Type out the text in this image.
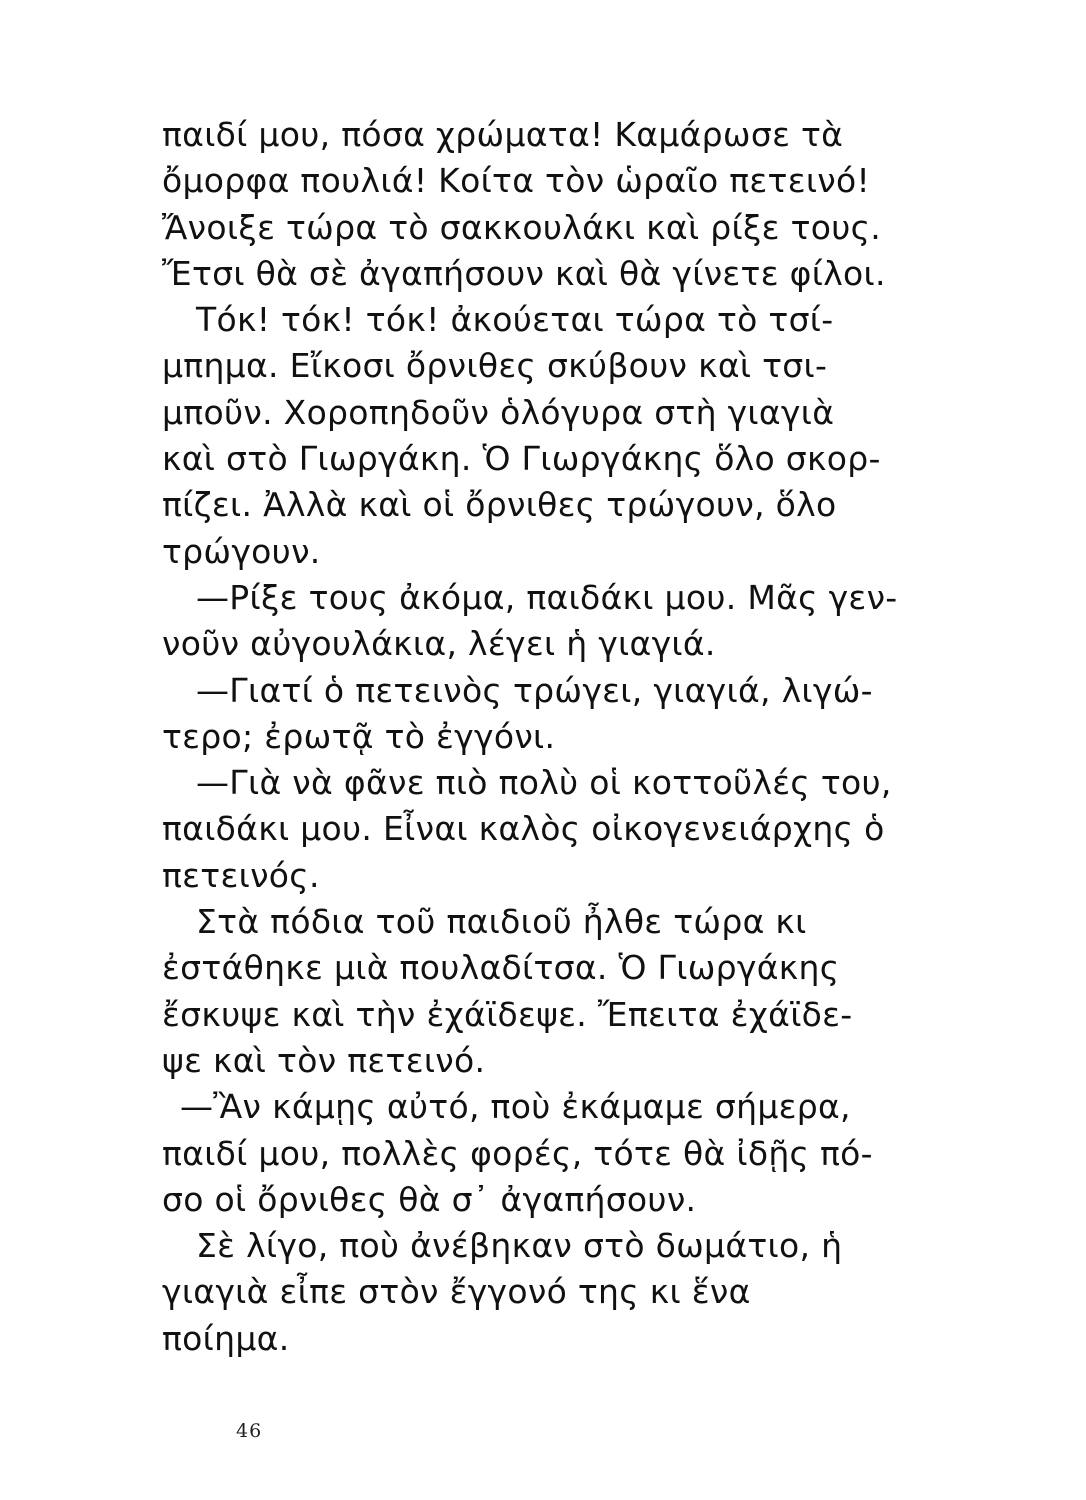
παιδί μου, πόσα χρώματα! Καμάρωσε τὰ
ὄμορφα πουλιά! Κοίτα τὸν ὡραῖο πετεινό!
Ἄνοιξε τώρα τὸ σακκουλάκι καὶ ρίξε τους.
Ἔτσι θὰ σὲ ἀγαπήσουν καὶ θὰ γίνετε φίλοι.
Τόκ! τόκ! τόκ! ἀκούεται τώρα τὸ τσί-
μπημα. Εἴκοσι ὄρνιθες σκύβουν καὶ τσι-
μποῦν. Χοροπηδοῦν ὁλόγυρα στὴ γιαγιὰ
καὶ στὸ Γιωργάκη. Ὁ Γιωργάκης ὅλο σκορ-
πίζει. Ἀλλὰ καὶ οἱ ὄρνιθες τρώγουν, ὅλο
τρώγουν.
—Ρίξε τους ἀκόμα, παιδάκι μου. Μᾶς γεν-
νοῦν αὐγουλάκια, λέγει ἡ γιαγιά.
—Γιατί ὁ πετεινὸς τρώγει, γιαγιά, λιγώ-
τερο; ἐρωτᾷ τὸ ἐγγόνι.
—Γιὰ νὰ φᾶνε πιὸ πολὺ οἱ κοττοῦλές του,
παιδάκι μου. Εἶναι καλὸς οἰκογενειάρχης ὁ
πετεινός.
Στὰ πόδια τοῦ παιδιοῦ ἦλθε τώρα κι
ἐστάθηκε μιὰ πουλαδίτσα. Ὁ Γιωργάκης
ἔσκυψε καὶ τὴν ἐχάϊδεψε. Ἔπειτα ἐχάϊδε-
ψε καὶ τὸν πετεινό.
—Ἂν κάμῃς αὐτό, ποὺ ἐκάμαμε σήμερα,
παιδί μου, πολλὲς φορές, τότε θὰ ἰδῇς πό-
σο οἱ ὄρνιθες θὰ σ᾽ ἀγαπήσουν.
Σὲ λίγο, ποὺ ἀνέβηκαν στὸ δωμάτιο, ἡ
γιαγιὰ εἶπε στὸν ἔγγονό της κι ἕνα
ποίημα.
46
